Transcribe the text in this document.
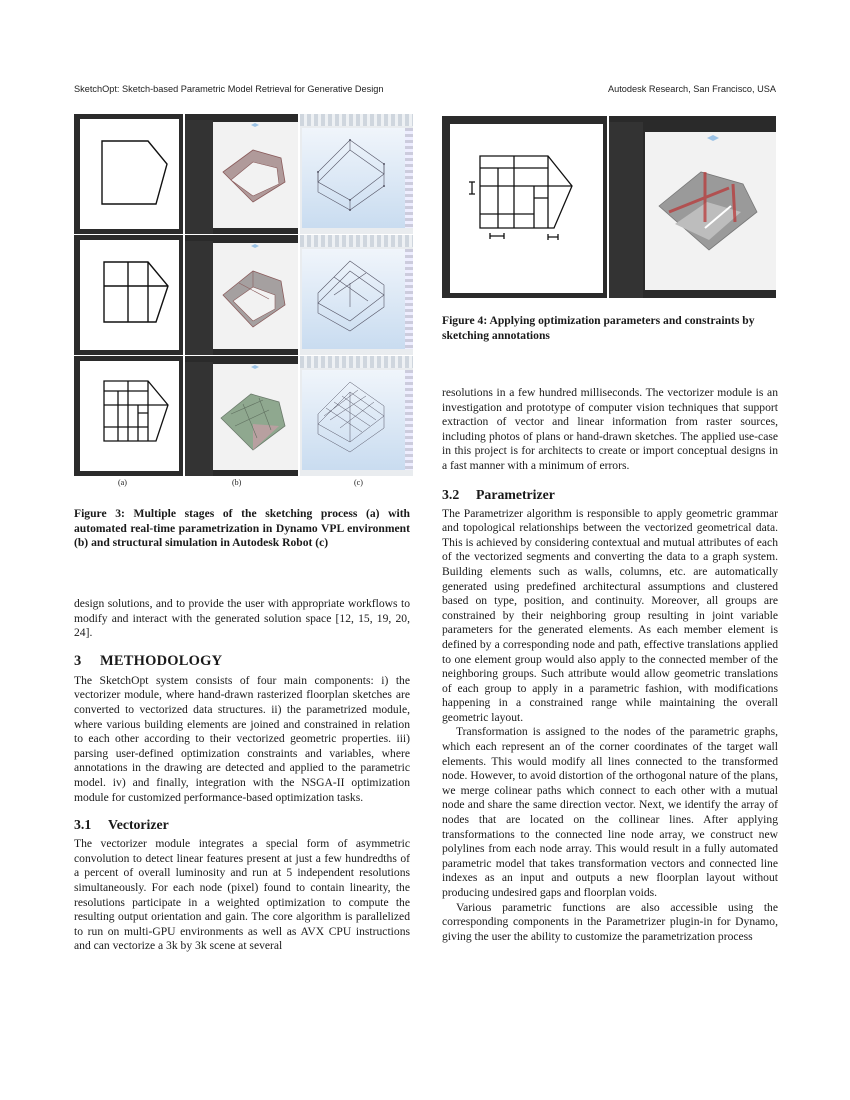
SketchOpt: Sketch-based Parametric Model Retrieval for Generative Design	Autodesk Research, San Francisco, USA
(a)	(b)	(c)

Figure 3: Multiple stages of the sketching process (a) with automated real-time parametrization in Dynamo VPL environment (b) and structural simulation in Autodesk Robot (c)

design solutions, and to provide the user with appropriate workflows to modify and interact with the generated solution space [12, 15, 19, 20, 24].

3 METHODOLOGY

The SketchOpt system consists of four main components: i) the vectorizer module, where hand-drawn rasterized floorplan sketches are converted to vectorized data structures. ii) the parametrized module, where various building elements are joined and constrained in relation to each other according to their vectorized geometric properties. iii) parsing user-defined optimization constraints and variables, where annotations in the drawing are detected and applied to the parametric model. iv) and finally, integration with the NSGA-II optimization module for customized performance-based optimization tasks.

3.1 Vectorizer

The vectorizer module integrates a special form of asymmetric convolution to detect linear features present at just a few hundredths of a percent of overall luminosity and run at 5 independent resolutions simultaneously. For each node (pixel) found to contain linearity, the resolutions participate in a weighted optimization to compute the resulting output orientation and gain. The core algorithm is parallelized to run on multi-GPU environments as well as AVX CPU instructions and can vectorize a 3k by 3k scene at several

Figure 4: Applying optimization parameters and constraints by sketching annotations

resolutions in a few hundred milliseconds. The vectorizer module is an investigation and prototype of computer vision techniques that support extraction of vector and linear information from raster sources, including photos of plans or hand-drawn sketches. The applied use-case in this project is for architects to create or import conceptual designs in a fast manner with a minimum of errors.

3.2 Parametrizer

The Parametrizer algorithm is responsible to apply geometric grammar and topological relationships between the vectorized geometrical data. This is achieved by considering contextual and mutual attributes of each of the vectorized segments and converting the data to a graph system. Building elements such as walls, columns, etc. are automatically generated using predefined architectural assumptions and clustered based on type, position, and continuity. Moreover, all groups are constrained by their neighboring group resulting in joint variable parameters for the generated elements. As each member element is defined by a corresponding node and path, effective translations applied to one element group would also apply to the connected member of the neighboring groups. Such attribute would allow geometric translations of each group to apply in a parametric fashion, with modifications happening in a constrained range while maintaining the overall geometric layout.

Transformation is assigned to the nodes of the parametric graphs, which each represent an of the corner coordinates of the target wall elements. This would modify all lines connected to the transformed node. However, to avoid distortion of the orthogonal nature of the plans, we merge colinear paths which connect to each other with a mutual node and share the same direction vector. Next, we identify the array of nodes that are located on the collinear lines. After applying transformations to the connected line node array, we construct new polylines from each node array. This would result in a fully automated parametric model that takes transformation vectors and connected line indexes as an input and outputs a new floorplan layout without producing undesired gaps and floorplan voids.

Various parametric functions are also accessible using the corresponding components in the Parametrizer plugin-in for Dynamo, giving the user the ability to customize the parametrization process
